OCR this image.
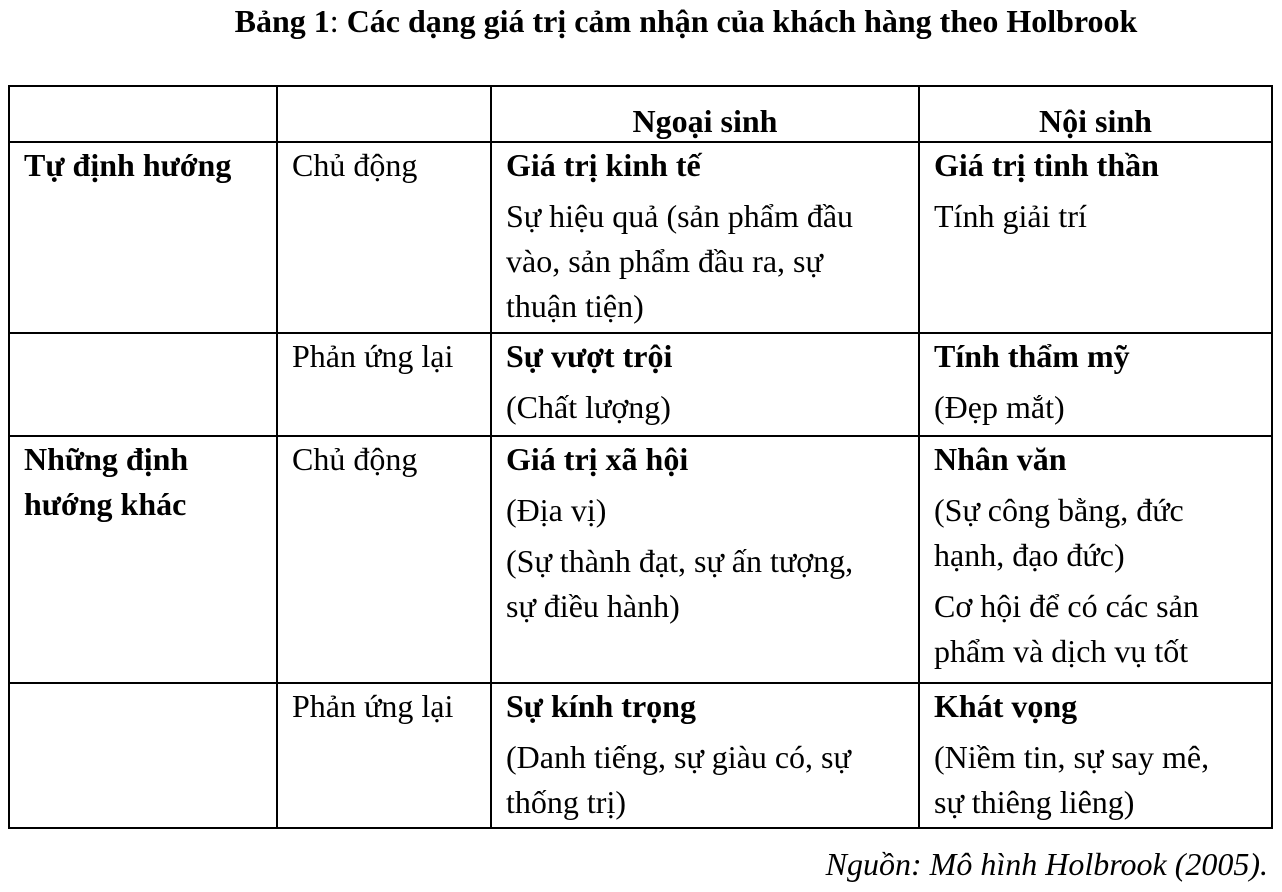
Bảng 1: Các dạng giá trị cảm nhận của khách hàng theo Holbrook
		Ngoại sinh	Nội sinh

Tự định hướng	Chủ động	Giá trị kinh tế
Sự hiệu quả (sản phẩm đầu
vào, sản phẩm đầu ra, sự
thuận tiện)	Giá trị tinh thần
Tính giải trí

	Phản ứng lại	Sự vượt trội
(Chất lượng)	Tính thẩm mỹ
(Đẹp mắt)

Những định
hướng khác	Chủ động	Giá trị xã hội
(Địa vị)
(Sự thành đạt, sự ấn tượng,
sự điều hành)	Nhân văn
(Sự công bằng, đức
hạnh, đạo đức)
Cơ hội để có các sản
phẩm và dịch vụ tốt

	Phản ứng lại	Sự kính trọng
(Danh tiếng, sự giàu có, sự
thống trị)	Khát vọng
(Niềm tin, sự say mê,
sự thiêng liêng)
Nguồn: Mô hình Holbrook (2005).
